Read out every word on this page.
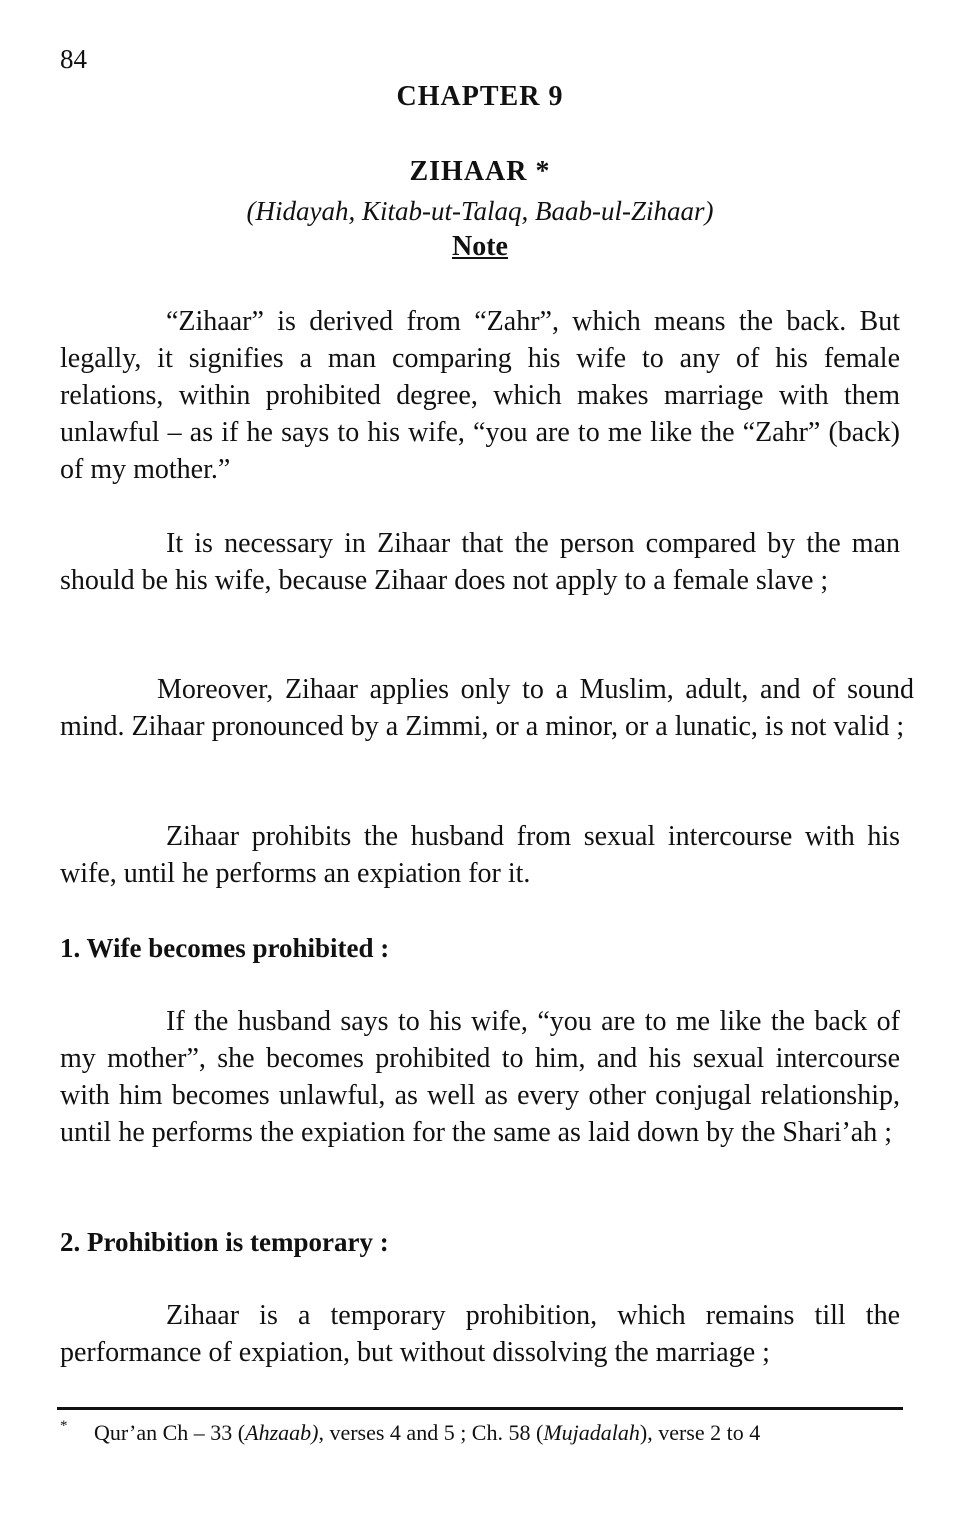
84
CHAPTER 9
ZIHAAR *
(Hidayah, Kitab-ut-Talaq, Baab-ul-Zihaar)
Note

“Zihaar” is derived from “Zahr”, which means the back. But legally, it signifies a man comparing his wife to any of his female relations, within prohibited degree, which makes marriage with them unlawful – as if he says to his wife, “you are to me like the “Zahr” (back) of my mother.”

It is necessary in Zihaar that the person compared by the man should be his wife, because Zihaar does not apply to a female slave ;

Moreover, Zihaar applies only to a Muslim, adult, and of sound mind. Zihaar pronounced by a Zimmi, or a minor, or a lunatic, is not valid ;

Zihaar prohibits the husband from sexual intercourse with his wife, until he performs an expiation for it.

1. Wife becomes prohibited :

If the husband says to his wife, “you are to me like the back of my mother”, she becomes prohibited to him, and his sexual intercourse with him becomes unlawful, as well as every other conjugal relationship, until he performs the expiation for the same as laid down by the Shari’ah ;

2. Prohibition is temporary :

Zihaar is a temporary prohibition, which remains till the performance of expiation, but without dissolving the marriage ;

* Qur’an Ch – 33 (Ahzaab), verses 4 and 5 ; Ch. 58 (Mujadalah), verse 2 to 4
